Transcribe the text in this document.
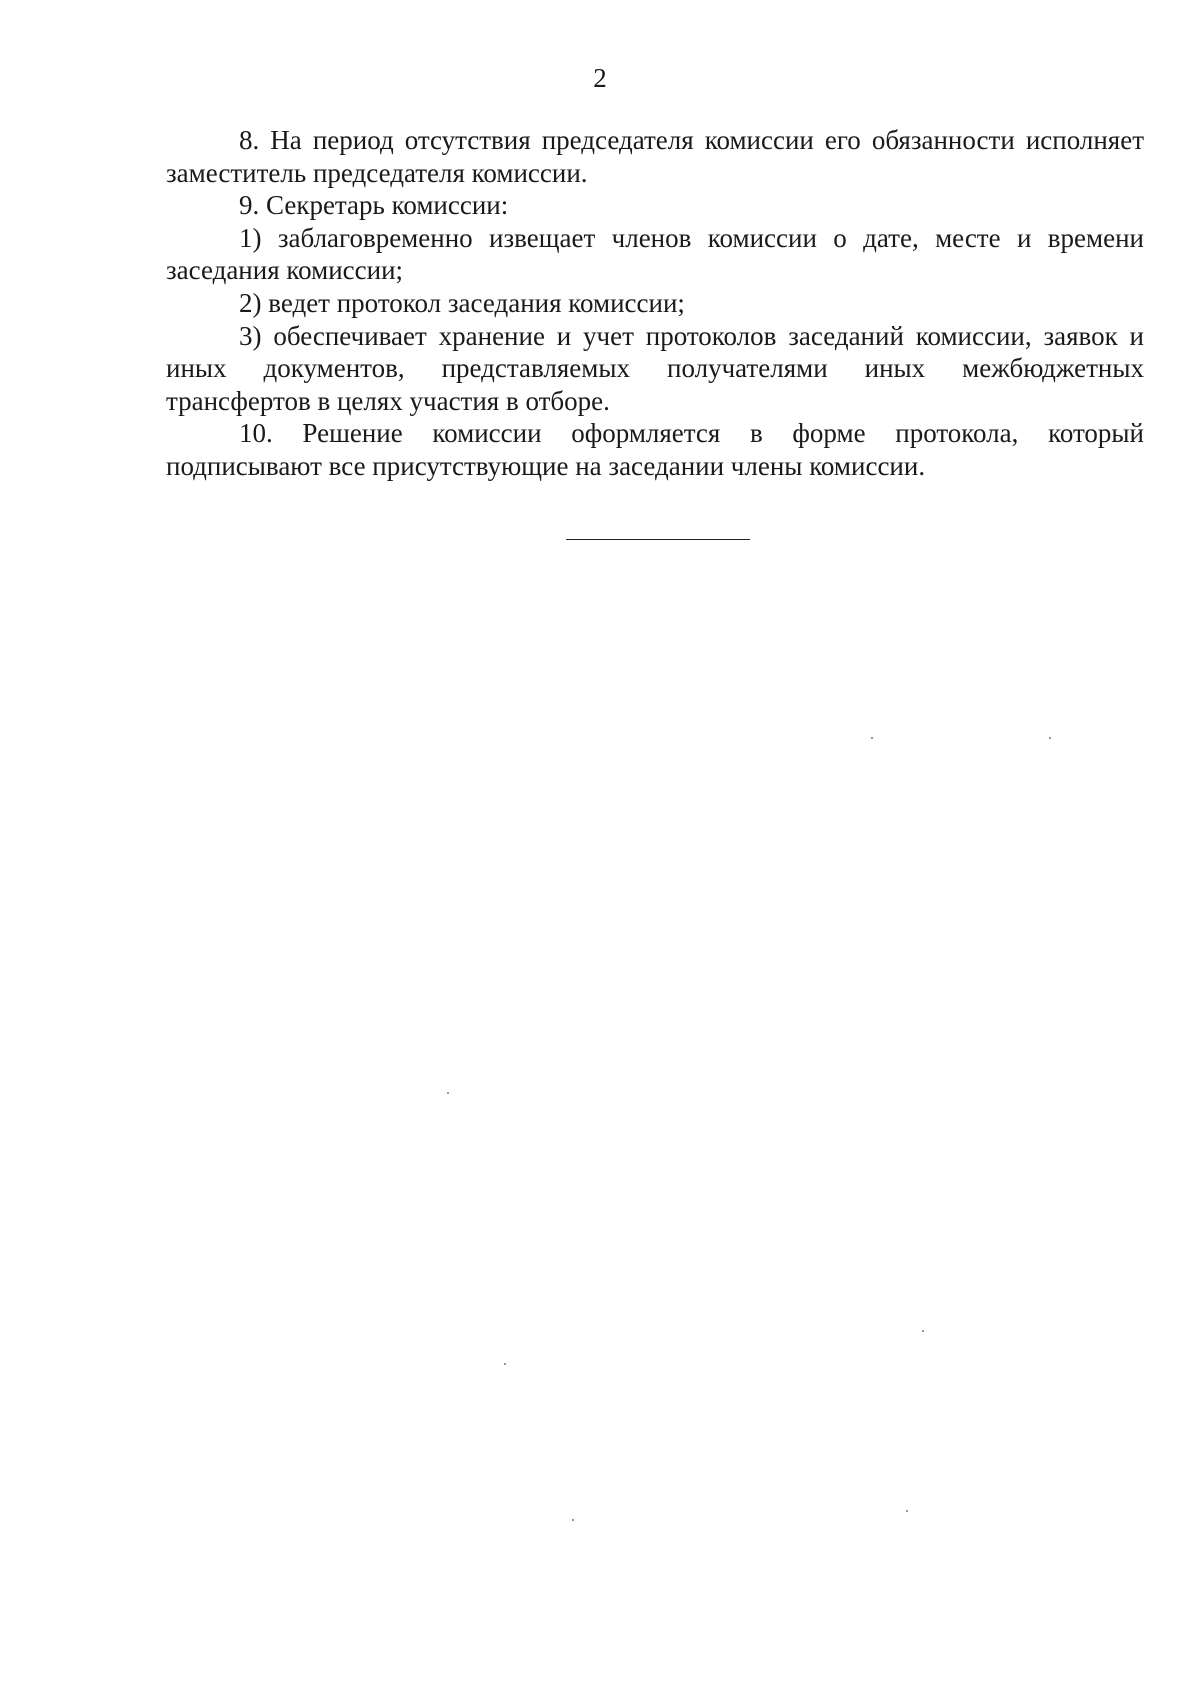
2

8. На период отсутствия председателя комиссии его обязанности исполняет заместитель председателя комиссии.

9. Секретарь комиссии:

1) заблаговременно извещает членов комиссии о дате, месте и времени заседания комиссии;

2) ведет протокол заседания комиссии;

3) обеспечивает хранение и учет протоколов заседаний комиссии, заявок и иных документов, представляемых получателями иных межбюджетных трансфертов в целях участия в отборе.

10. Решение комиссии оформляется в форме протокола, который подписывают все присутствующие на заседании члены комиссии.
